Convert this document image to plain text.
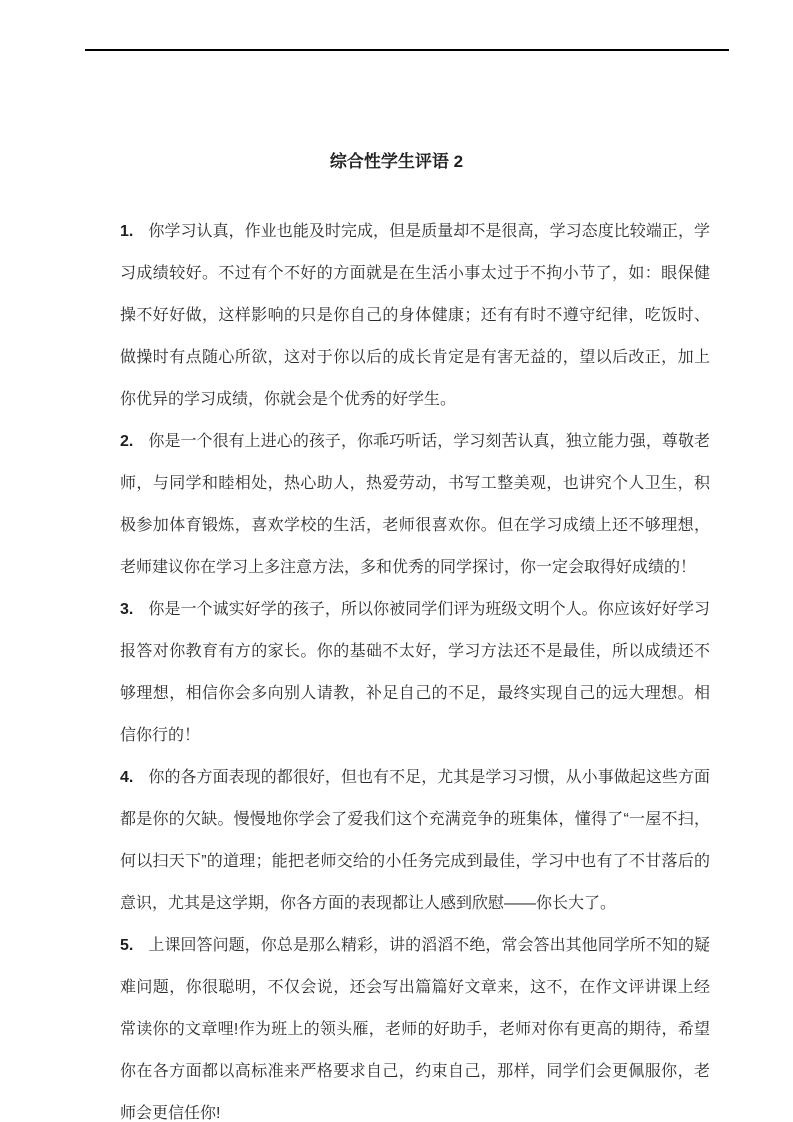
综合性学生评语 2

1. 你学习认真，作业也能及时完成，但是质量却不是很高，学习态度比较端正，学习成绩较好。不过有个不好的方面就是在生活小事太过于不拘小节了，如：眼保健操不好好做，这样影响的只是你自己的身体健康；还有有时不遵守纪律，吃饭时、做操时有点随心所欲，这对于你以后的成长肯定是有害无益的，望以后改正，加上你优异的学习成绩，你就会是个优秀的好学生。

2. 你是一个很有上进心的孩子，你乖巧听话，学习刻苦认真，独立能力强，尊敬老师，与同学和睦相处，热心助人，热爱劳动，书写工整美观，也讲究个人卫生，积极参加体育锻炼，喜欢学校的生活，老师很喜欢你。但在学习成绩上还不够理想，老师建议你在学习上多注意方法，多和优秀的同学探讨，你一定会取得好成绩的！

3. 你是一个诚实好学的孩子，所以你被同学们评为班级文明个人。你应该好好学习报答对你教育有方的家长。你的基础不太好，学习方法还不是最佳，所以成绩还不够理想，相信你会多向别人请教，补足自己的不足，最终实现自己的远大理想。相信你行的！

4. 你的各方面表现的都很好，但也有不足，尤其是学习习惯，从小事做起这些方面都是你的欠缺。慢慢地你学会了爱我们这个充满竞争的班集体，懂得了“一屋不扫，何以扫天下”的道理；能把老师交给的小任务完成到最佳，学习中也有了不甘落后的意识，尤其是这学期，你各方面的表现都让人感到欣慰——你长大了。

5. 上课回答问题，你总是那么精彩，讲的滔滔不绝，常会答出其他同学所不知的疑难问题，你很聪明，不仅会说，还会写出篇篇好文章来，这不，在作文评讲课上经常读你的文章哩!作为班上的领头雁，老师的好助手，老师对你有更高的期待，希望你在各方面都以高标准来严格要求自己，约束自己，那样，同学们会更佩服你，老师会更信任你!
